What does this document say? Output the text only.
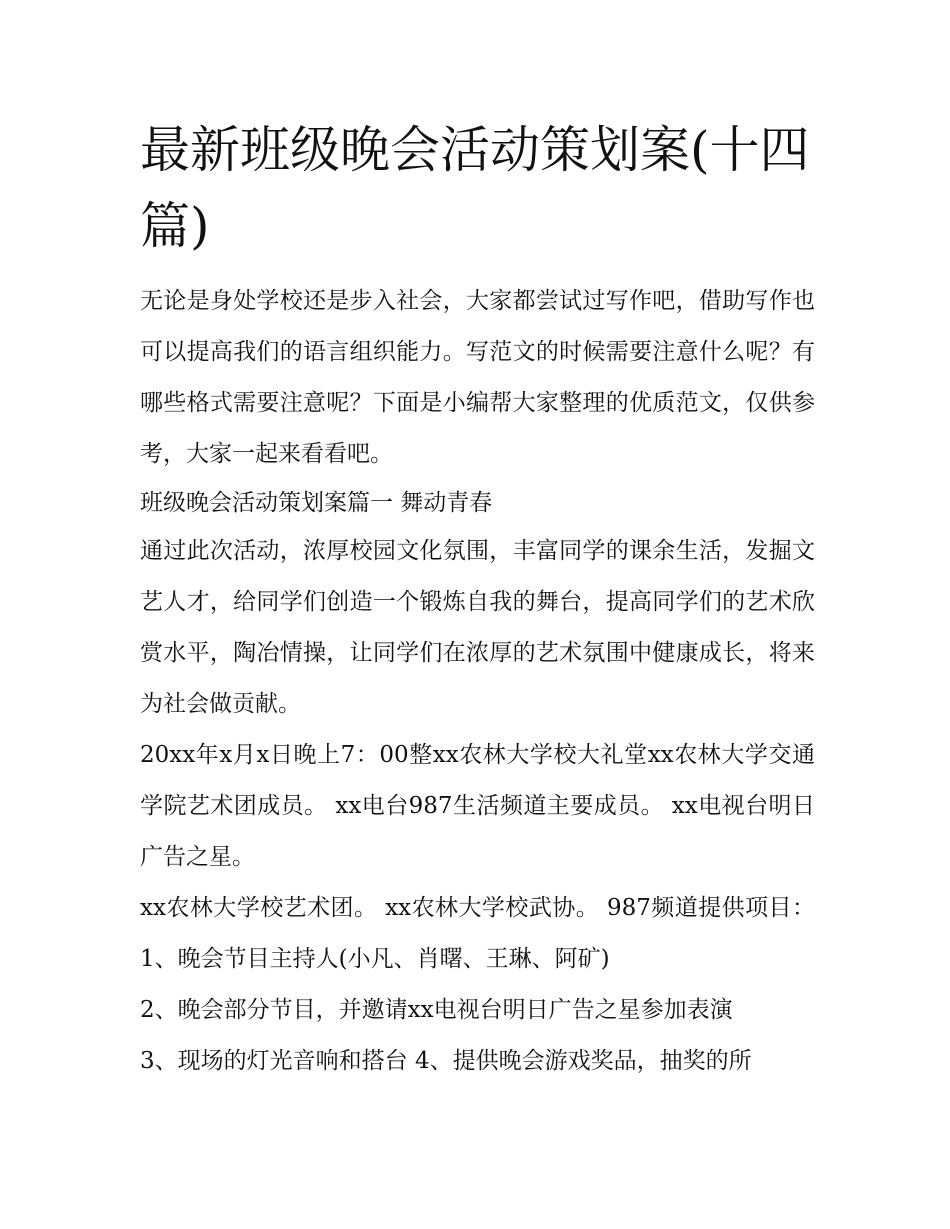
最新班级晚会活动策划案(十四篇)

无论是身处学校还是步入社会，大家都尝试过写作吧，借助写作也可以提高我们的语言组织能力。写范文的时候需要注意什么呢？有哪些格式需要注意呢？下面是小编帮大家整理的优质范文，仅供参考，大家一起来看看吧。

班级晚会活动策划案篇一 舞动青春

通过此次活动，浓厚校园文化氛围，丰富同学的课余生活，发掘文艺人才，给同学们创造一个锻炼自我的舞台，提高同学们的艺术欣赏水平，陶冶情操，让同学们在浓厚的艺术氛围中健康成长，将来为社会做贡献。

20xx年x月x日晚上7：00整xx农林大学校大礼堂xx农林大学交通学院艺术团成员。 xx电台987生活频道主要成员。 xx电视台明日广告之星。

xx农林大学校艺术团。 xx农林大学校武协。 987频道提供项目： 1、晚会节目主持人(小凡、肖曙、王琳、阿矿)

2、晚会部分节目，并邀请xx电视台明日广告之星参加表演

3、现场的灯光音响和搭台 4、提供晚会游戏奖品，抽奖的所
